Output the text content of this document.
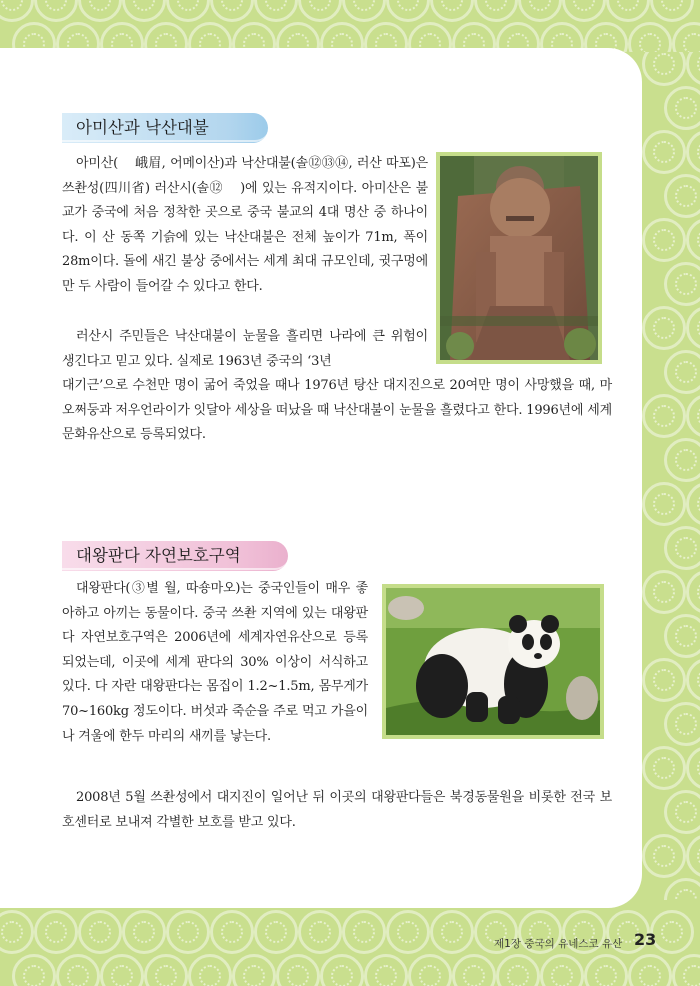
아미산과 낙산대불

아미산(ㅤ 峨眉, 어메이산)과 낙산대불(솔⑫⑬⑭, 러산 따포)은 쓰촨성(四川省) 러산시(솔⑫ ㅤ)에 있는 유적지이다. 아미산은 불교가 중국에 처음 정착한 곳으로 중국 불교의 4대 명산 중 하나이다. 이 산 동쪽 기슭에 있는 낙산대불은 전체 높이가 71m, 폭이 28m이다. 돌에 새긴 불상 중에서는 세계 최대 규모인데, 귓구멍에만 두 사람이 들어갈 수 있다고 한다.

러산시 주민들은 낙산대불이 눈물을 흘리면 나라에 큰 위험이 생긴다고 믿고 있다. 실제로 1963년 중국의 ‘3년

대기근’으로 수천만 명이 굶어 죽었을 때나 1976년 탕산 대지진으로 20여만 명이 사망했을 때, 마오쩌둥과 저우언라이가 잇달아 세상을 떠났을 때 낙산대불이 눈물을 흘렸다고 한다. 1996년에 세계문화유산으로 등록되었다.

대왕판다 자연보호구역

대왕판다(③별 월, 따숑마오)는 중국인들이 매우 좋아하고 아끼는 동물이다. 중국 쓰촨 지역에 있는 대왕판다 자연보호구역은 2006년에 세계자연유산으로 등록되었는데, 이곳에 세계 판다의 30% 이상이 서식하고 있다. 다 자란 대왕판다는 몸집이 1.2~1.5m, 몸무게가 70~160kg 정도이다. 버섯과 죽순을 주로 먹고 가을이나 겨울에 한두 마리의 새끼를 낳는다.

2008년 5월 쓰촨성에서 대지진이 일어난 뒤 이곳의 대왕판다들은 북경동물원을 비롯한 전국 보호센터로 보내져 각별한 보호를 받고 있다.

제1장 중국의 유네스코 유산 23
